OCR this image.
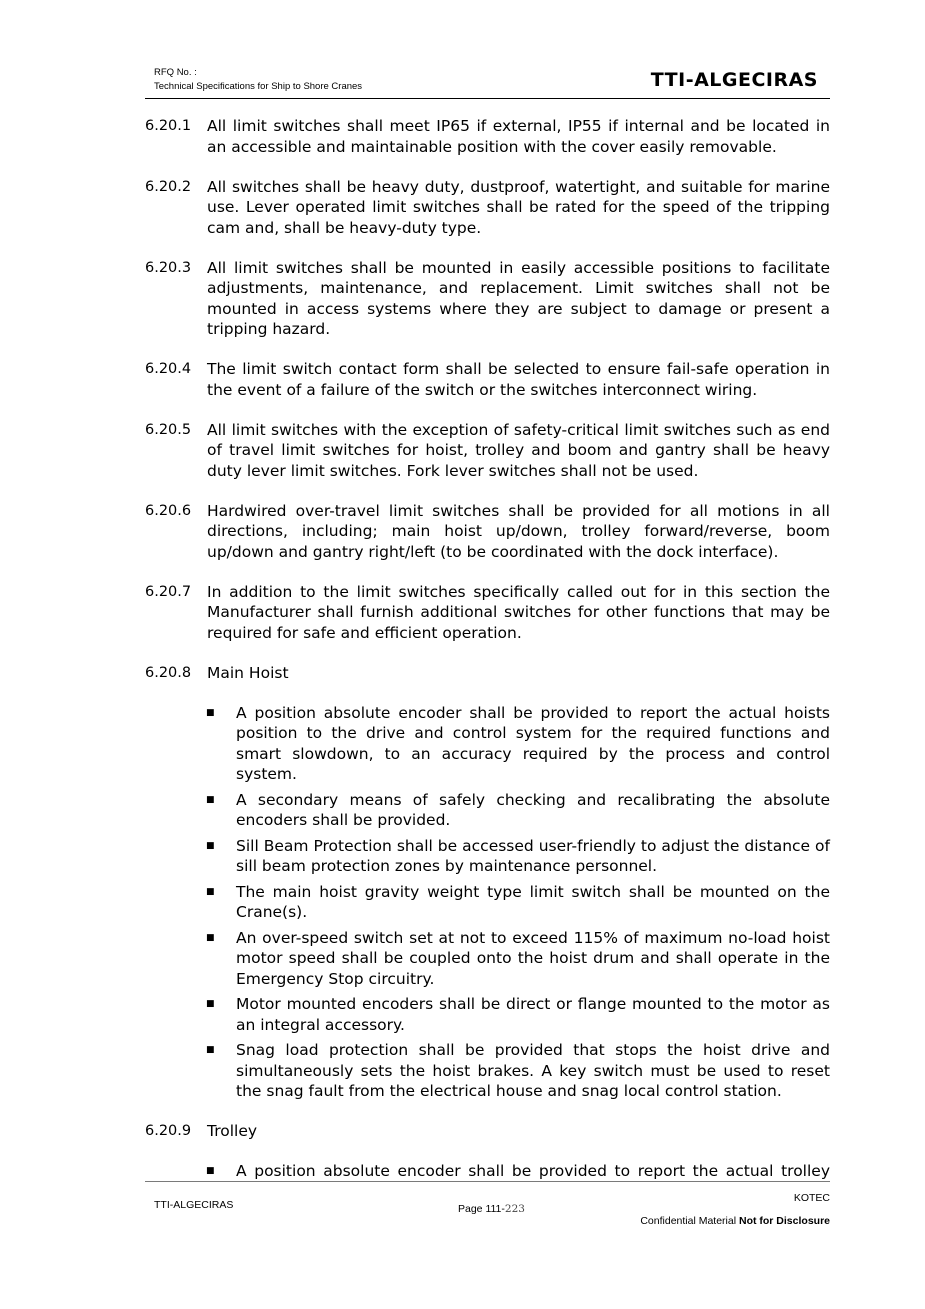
RFQ No. :
Technical Specifications for Ship to Shore Cranes	TTI-ALGECIRAS
6.20.1	All limit switches shall meet IP65 if external, IP55 if internal and be located in an accessible and maintainable position with the cover easily removable.
6.20.2	All switches shall be heavy duty, dustproof, watertight, and suitable for marine use. Lever operated limit switches shall be rated for the speed of the tripping cam and, shall be heavy-duty type.
6.20.3	All limit switches shall be mounted in easily accessible positions to facilitate adjustments, maintenance, and replacement. Limit switches shall not be mounted in access systems where they are subject to damage or present a tripping hazard.
6.20.4	The limit switch contact form shall be selected to ensure fail-safe operation in the event of a failure of the switch or the switches interconnect wiring.
6.20.5	All limit switches with the exception of safety-critical limit switches such as end of travel limit switches for hoist, trolley and boom and gantry shall be heavy duty lever limit switches. Fork lever switches shall not be used.
6.20.6	Hardwired over-travel limit switches shall be provided for all motions in all directions, including; main hoist up/down, trolley forward/reverse, boom up/down and gantry right/left (to be coordinated with the dock interface).
6.20.7	In addition to the limit switches specifically called out for in this section the Manufacturer shall furnish additional switches for other functions that may be required for safe and efficient operation.
6.20.8	Main Hoist
■	A position absolute encoder shall be provided to report the actual hoists position to the drive and control system for the required functions and smart slowdown, to an accuracy required by the process and control system.
■	A secondary means of safely checking and recalibrating the absolute encoders shall be provided.
■	Sill Beam Protection shall be accessed user-friendly to adjust the distance of sill beam protection zones by maintenance personnel.
■	The main hoist gravity weight type limit switch shall be mounted on the Crane(s).
■	An over-speed switch set at not to exceed 115% of maximum no-load hoist motor speed shall be coupled onto the hoist drum and shall operate in the Emergency Stop circuitry.
■	Motor mounted encoders shall be direct or flange mounted to the motor as an integral accessory.
■	Snag load protection shall be provided that stops the hoist drive and simultaneously sets the hoist brakes. A key switch must be used to reset the snag fault from the electrical house and snag local control station.
6.20.9	Trolley
■	A position absolute encoder shall be provided to report the actual trolley
TTI-ALGECIRAS	Page 111-223
KOTEC
Confidential Material Not for Disclosure
